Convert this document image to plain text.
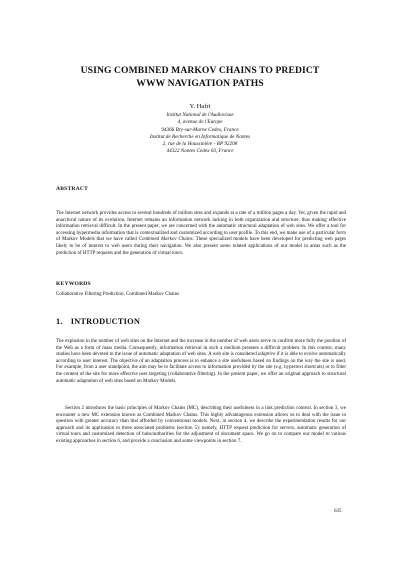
USING COMBINED MARKOV CHAINS TO PREDICT
WWW NAVIGATION PATHS
Y. Hafri
Institut National de l'Audiovisue
4, avenue de l'Europe
94366 Bry-sur-Marne Cedex, France
Institut de Recherche en Informatique de Nantes
2, rue de la Houssinière - BP 92208
44322 Nantes Cedex 03, France
ABSTRACT

The Internet network provides access to several hundreds of million sites and expands at a rate of a million pages a day. Yet, given the rapid and anarchical nature of its evolution, Internet remains an information network lacking in both organization and structure, thus making effective information retrieval difficult. In the present paper, we are concerned with the automatic structural adaptation of web sites. We offer a tool for accessing hypermedia information that is contextualized and customized according to user profile. To this end, we make use of a particular form of Markov Models that we have called Combined Markov Chains. These specialized models have been developed for predicting web pages likely to be of interest to web users during their navigation. We also present some related applications of our model in areas such as the prediction of HTTP requests and the generation of virtual tours.

KEYWORDS

Collaborative Filtering Prediction, Combined Markov Chains

1. INTRODUCTION

The explosion in the number of web sites on the Internet and the increase in the number of web users serve to confirm more fully the position of the Web as a form of mass media. Consequently, information retrieval in such a medium presents a difficult problem. In this context, many studies have been devoted to the issue of automatic adaptation of web sites. A web site is considered adaptive if it is able to evolve automatically according to user interest. The objective of an adaptation process is to enhance a site usefulness based on findings on the way the site is used. For example, from a user standpoint, the aim may be to facilitate access to information provided by the site (e.g. hypertext shortcuts) or to filter the content of the site for more effective user targeting (collaborative filtering). In the present paper, we offer an original approach to structural automatic adaptation of web sites based on Markov Models.

Section 2 introduces the basic principles of Markov Chains (MC), describing their usefulness in a link prediction context. In section 3, we encounter a new MC extension known as Combined Markov Chains. This highly advantageous extension allows us to deal with the issue in question with greater accuracy than that afforded by conventional models. Next, in section 4, we describe the experimentation results for our approach and its application to three associated problems (section 5): namely, HTTP request prediction for servers, automatic generation of virtual tours and customized detection of hubs/authorities for the adjustment of document space. We go on to compare our model to various existing approaches in section 6, and provide a conclusion and some viewpoints in section 7.

635
